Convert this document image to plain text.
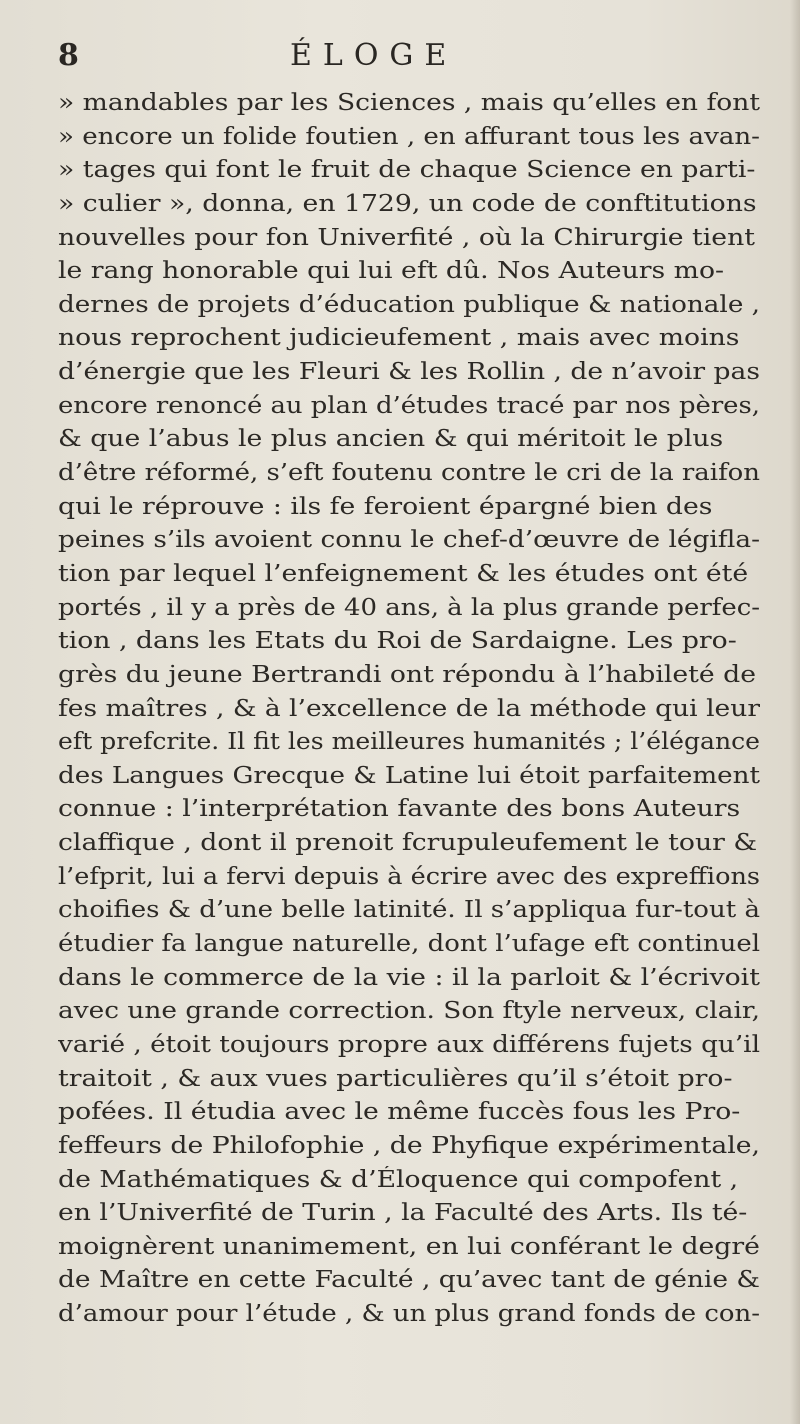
8	ÉLOGE
» mandables par les Sciences , mais qu’elles en font
» encore un folide foutien , en affurant tous les avan-
» tages qui font le fruit de chaque Science en parti-
» culier », donna, en 1729, un code de conftitutions
nouvelles pour fon Univerfité , où la Chirurgie tient
le rang honorable qui lui eft dû. Nos Auteurs mo-
dernes de projets d’éducation publique & nationale ,
nous reprochent judicieufement , mais avec moins
d’énergie que les Fleuri & les Rollin , de n’avoir pas
encore renoncé au plan d’études tracé par nos pères,
& que l’abus le plus ancien & qui méritoit le plus
d’être réformé, s’eft foutenu contre le cri de la raifon
qui le réprouve : ils fe feroient épargné bien des
peines s’ils avoient connu le chef-d’œuvre de légifla-
tion par lequel l’enfeignement & les études ont été
portés , il y a près de 40 ans, à la plus grande perfec-
tion , dans les Etats du Roi de Sardaigne. Les pro-
grès du jeune Bertrandi ont répondu à l’habileté de
fes maîtres , & à l’excellence de la méthode qui leur
eft prefcrite. Il fit les meilleures humanités ; l’élégance
des Langues Grecque & Latine lui étoit parfaitement
connue : l’interprétation favante des bons Auteurs
claffique , dont il prenoit fcrupuleufement le tour &
l’efprit, lui a fervi depuis à écrire avec des expreffions
choifies & d’une belle latinité. Il s’appliqua fur-tout à
étudier fa langue naturelle, dont l’ufage eft continuel
dans le commerce de la vie : il la parloit & l’écrivoit
avec une grande correction. Son ftyle nerveux, clair,
varié , étoit toujours propre aux différens fujets qu’il
traitoit , & aux vues particulières qu’il s’étoit pro-
pofées. Il étudia avec le même fuccès fous les Pro-
feffeurs de Philofophie , de Phyfique expérimentale,
de Mathématiques & d’Éloquence qui compofent ,
en l’Univerfité de Turin , la Faculté des Arts. Ils té-
moignèrent unanimement, en lui conférant le degré
de Maître en cette Faculté , qu’avec tant de génie &
d’amour pour l’étude , & un plus grand fonds de con-
